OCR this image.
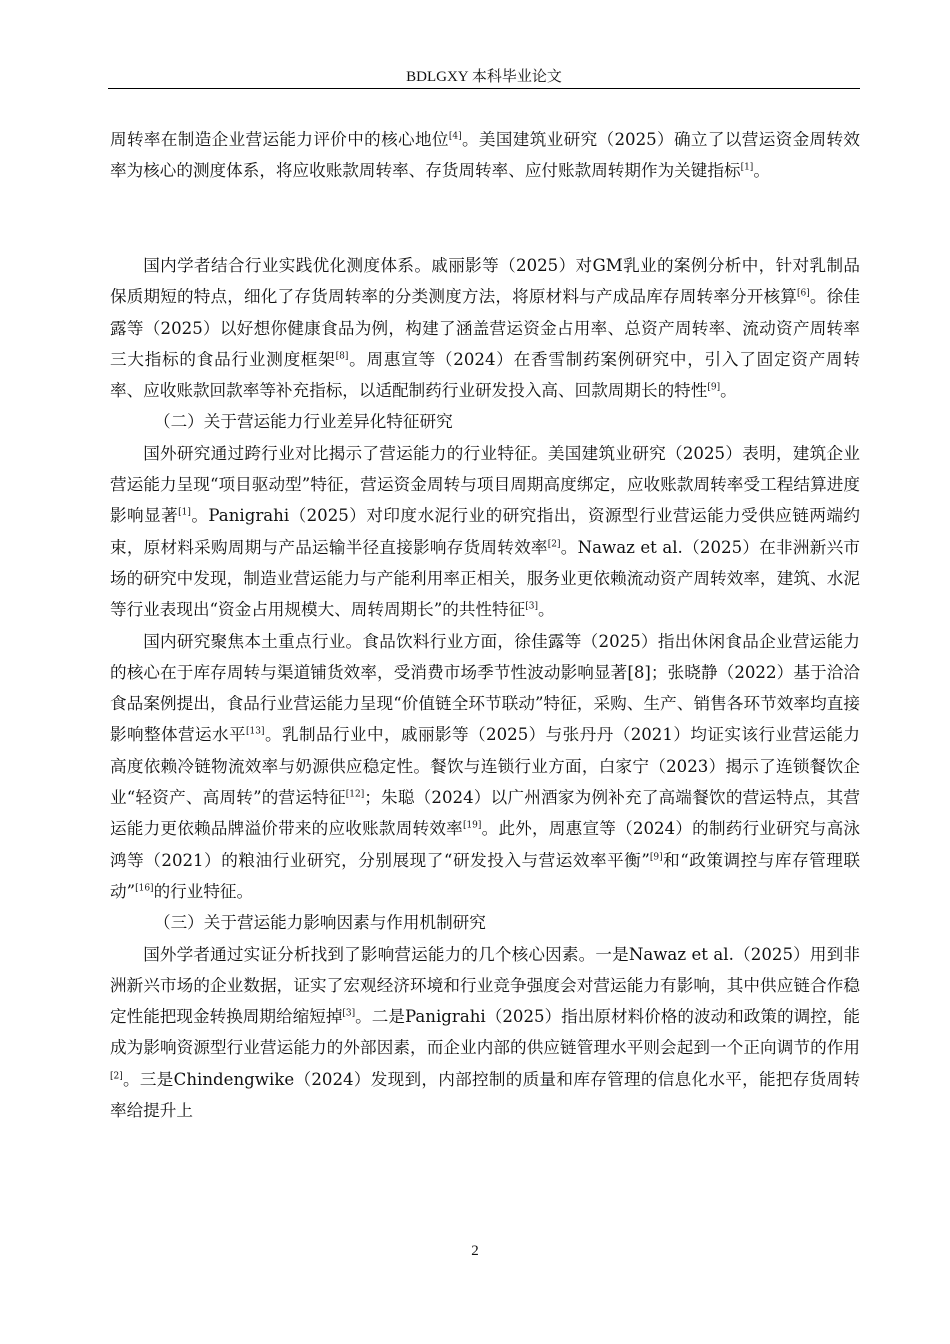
BDLGXY 本科毕业论文

周转率在制造企业营运能力评价中的核心地位[4]。美国建筑业研究（2025）确立了以营运资金周转效率为核心的测度体系，将应收账款周转率、存货周转率、应付账款周转期作为关键指标[1]。

国内学者结合行业实践优化测度体系。戚丽影等（2025）对GM乳业的案例分析中，针对乳制品保质期短的特点，细化了存货周转率的分类测度方法，将原材料与产成品库存周转率分开核算[6]。徐佳露等（2025）以好想你健康食品为例，构建了涵盖营运资金占用率、总资产周转率、流动资产周转率三大指标的食品行业测度框架[8]。周惠宣等（2024）在香雪制药案例研究中，引入了固定资产周转率、应收账款回款率等补充指标，以适配制药行业研发投入高、回款周期长的特性[9]。

（二）关于营运能力行业差异化特征研究

国外研究通过跨行业对比揭示了营运能力的行业特征。美国建筑业研究（2025）表明，建筑企业营运能力呈现“项目驱动型”特征，营运资金周转与项目周期高度绑定，应收账款周转率受工程结算进度影响显著[1]。Panigrahi（2025）对印度水泥行业的研究指出，资源型行业营运能力受供应链两端约束，原材料采购周期与产品运输半径直接影响存货周转效率[2]。Nawaz et al.（2025）在非洲新兴市场的研究中发现，制造业营运能力与产能利用率正相关，服务业更依赖流动资产周转效率，建筑、水泥等行业表现出“资金占用规模大、周转周期长”的共性特征[3]。

国内研究聚焦本土重点行业。食品饮料行业方面，徐佳露等（2025）指出休闲食品企业营运能力的核心在于库存周转与渠道铺货效率，受消费市场季节性波动影响显著[8]；张晓静（2022）基于洽洽食品案例提出，食品行业营运能力呈现“价值链全环节联动”特征，采购、生产、销售各环节效率均直接影响整体营运水平[13]。乳制品行业中，戚丽影等（2025）与张丹丹（2021）均证实该行业营运能力高度依赖冷链物流效率与奶源供应稳定性。餐饮与连锁行业方面，白家宁（2023）揭示了连锁餐饮企业“轻资产、高周转”的营运特征[12]；朱聪（2024）以广州酒家为例补充了高端餐饮的营运特点，其营运能力更依赖品牌溢价带来的应收账款周转效率[19]。此外，周惠宣等（2024）的制药行业研究与高泳鸿等（2021）的粮油行业研究，分别展现了“研发投入与营运效率平衡”[9]和“政策调控与库存管理联动”[16]的行业特征。

（三）关于营运能力影响因素与作用机制研究

国外学者通过实证分析找到了影响营运能力的几个核心因素。一是Nawaz et al.（2025）用到非洲新兴市场的企业数据，证实了宏观经济环境和行业竞争强度会对营运能力有影响，其中供应链合作稳定性能把现金转换周期给缩短掉[3]。二是Panigrahi（2025）指出原材料价格的波动和政策的调控，能成为影响资源型行业营运能力的外部因素，而企业内部的供应链管理水平则会起到一个正向调节的作用[2]。三是Chindengwike（2024）发现到，内部控制的质量和库存管理的信息化水平，能把存货周转率给提升上

2
